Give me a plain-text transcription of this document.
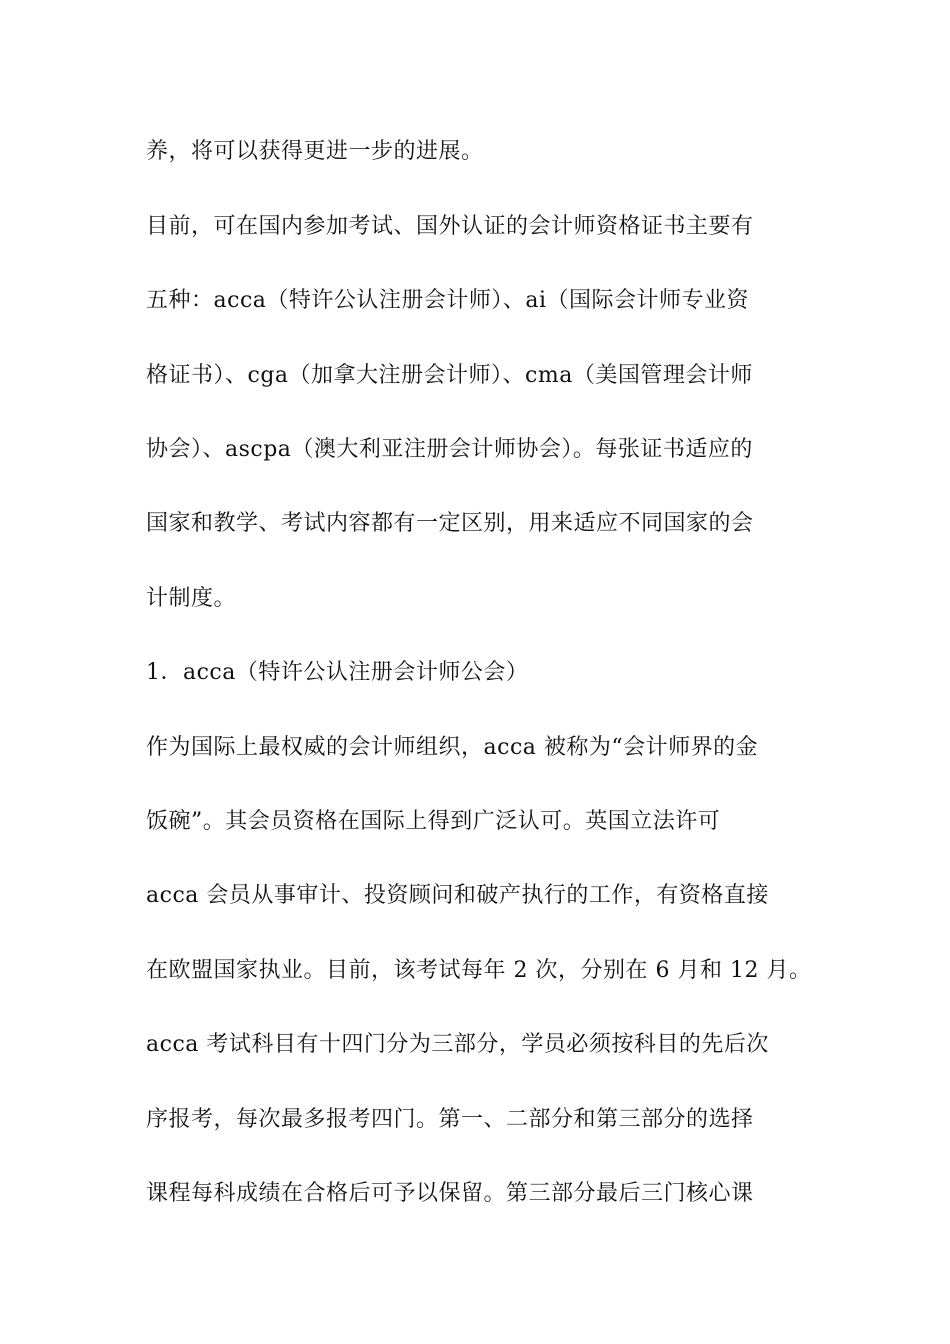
养，将可以获得更进一步的进展。
目前，可在国内参加考试、国外认证的会计师资格证书主要有
五种：acca（特许公认注册会计师）、ai（国际会计师专业资
格证书）、cga（加拿大注册会计师）、cma（美国管理会计师
协会）、ascpa（澳大利亚注册会计师协会）。每张证书适应的
国家和教学、考试内容都有一定区别，用来适应不同国家的会
计制度。
1．acca（特许公认注册会计师公会）
作为国际上最权威的会计师组织，acca 被称为“会计师界的金
饭碗”。其会员资格在国际上得到广泛认可。英国立法许可
acca 会员从事审计、投资顾问和破产执行的工作，有资格直接
在欧盟国家执业。目前，该考试每年 2 次，分别在 6 月和 12 月。
acca 考试科目有十四门分为三部分，学员必须按科目的先后次
序报考，每次最多报考四门。第一、二部分和第三部分的选择
课程每科成绩在合格后可予以保留。第三部分最后三门核心课
